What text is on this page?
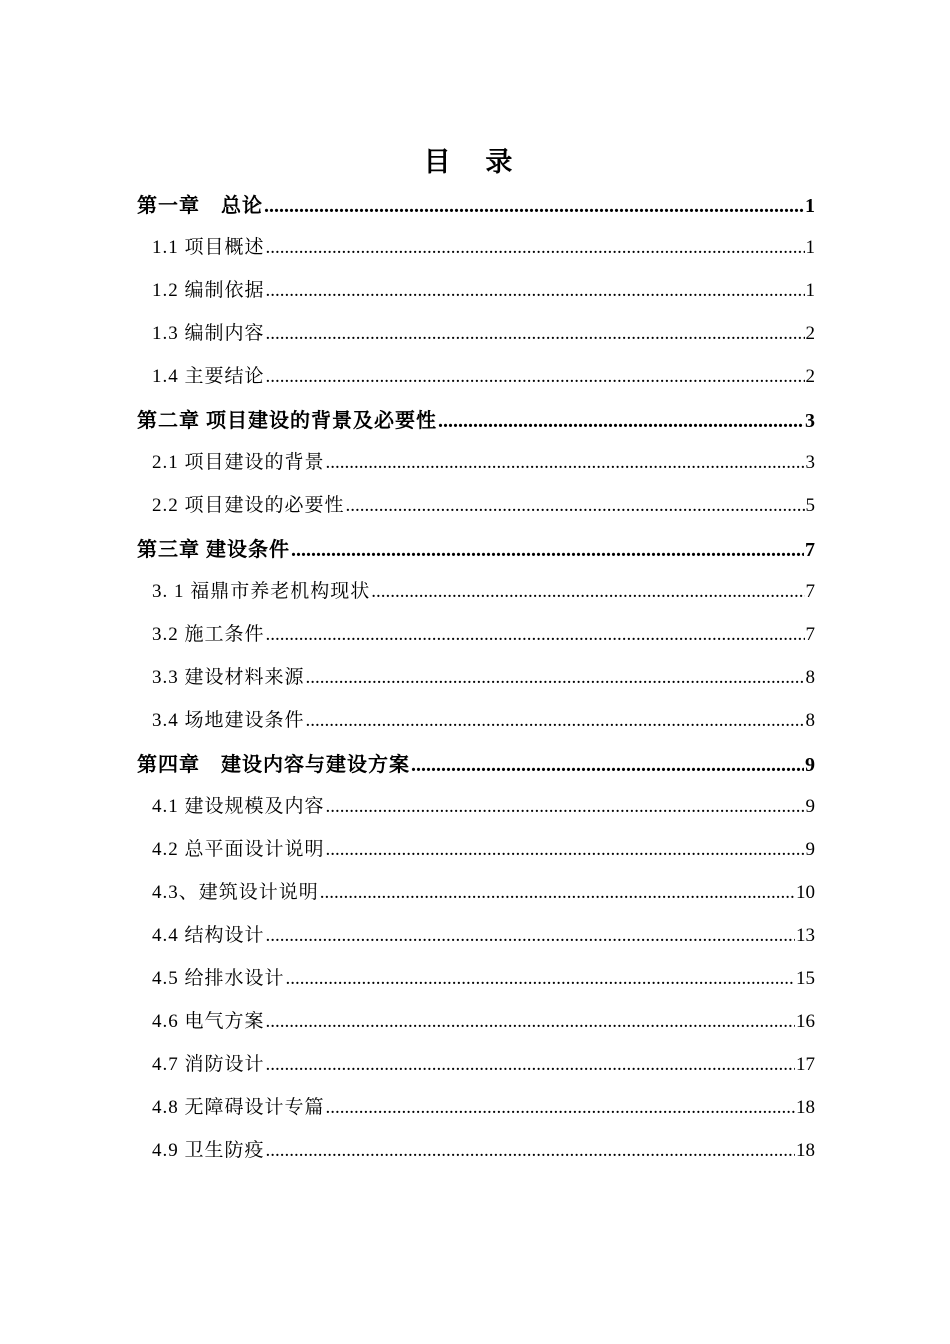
目 录
第一章　总论 .....	1
1.1 项目概述 .....	1
1.2 编制依据 .....	1
1.3 编制内容 .....	2
1.4 主要结论 .....	2
第二章 项目建设的背景及必要性 .....	3
2.1 项目建设的背景 .....	3
2.2 项目建设的必要性 .....	5
第三章 建设条件 .....	7
3. 1 福鼎市养老机构现状 .....	7
3.2 施工条件 .....	7
3.3 建设材料来源 .....	8
3.4 场地建设条件 .....	8
第四章　建设内容与建设方案 .....	9
4.1 建设规模及内容 .....	9
4.2 总平面设计说明 .....	9
4.3、建筑设计说明 .....	10
4.4 结构设计 .....	13
4.5 给排水设计 .....	15
4.6 电气方案 .....	16
4.7 消防设计 .....	17
4.8 无障碍设计专篇 .....	18
4.9 卫生防疫 .....	18
